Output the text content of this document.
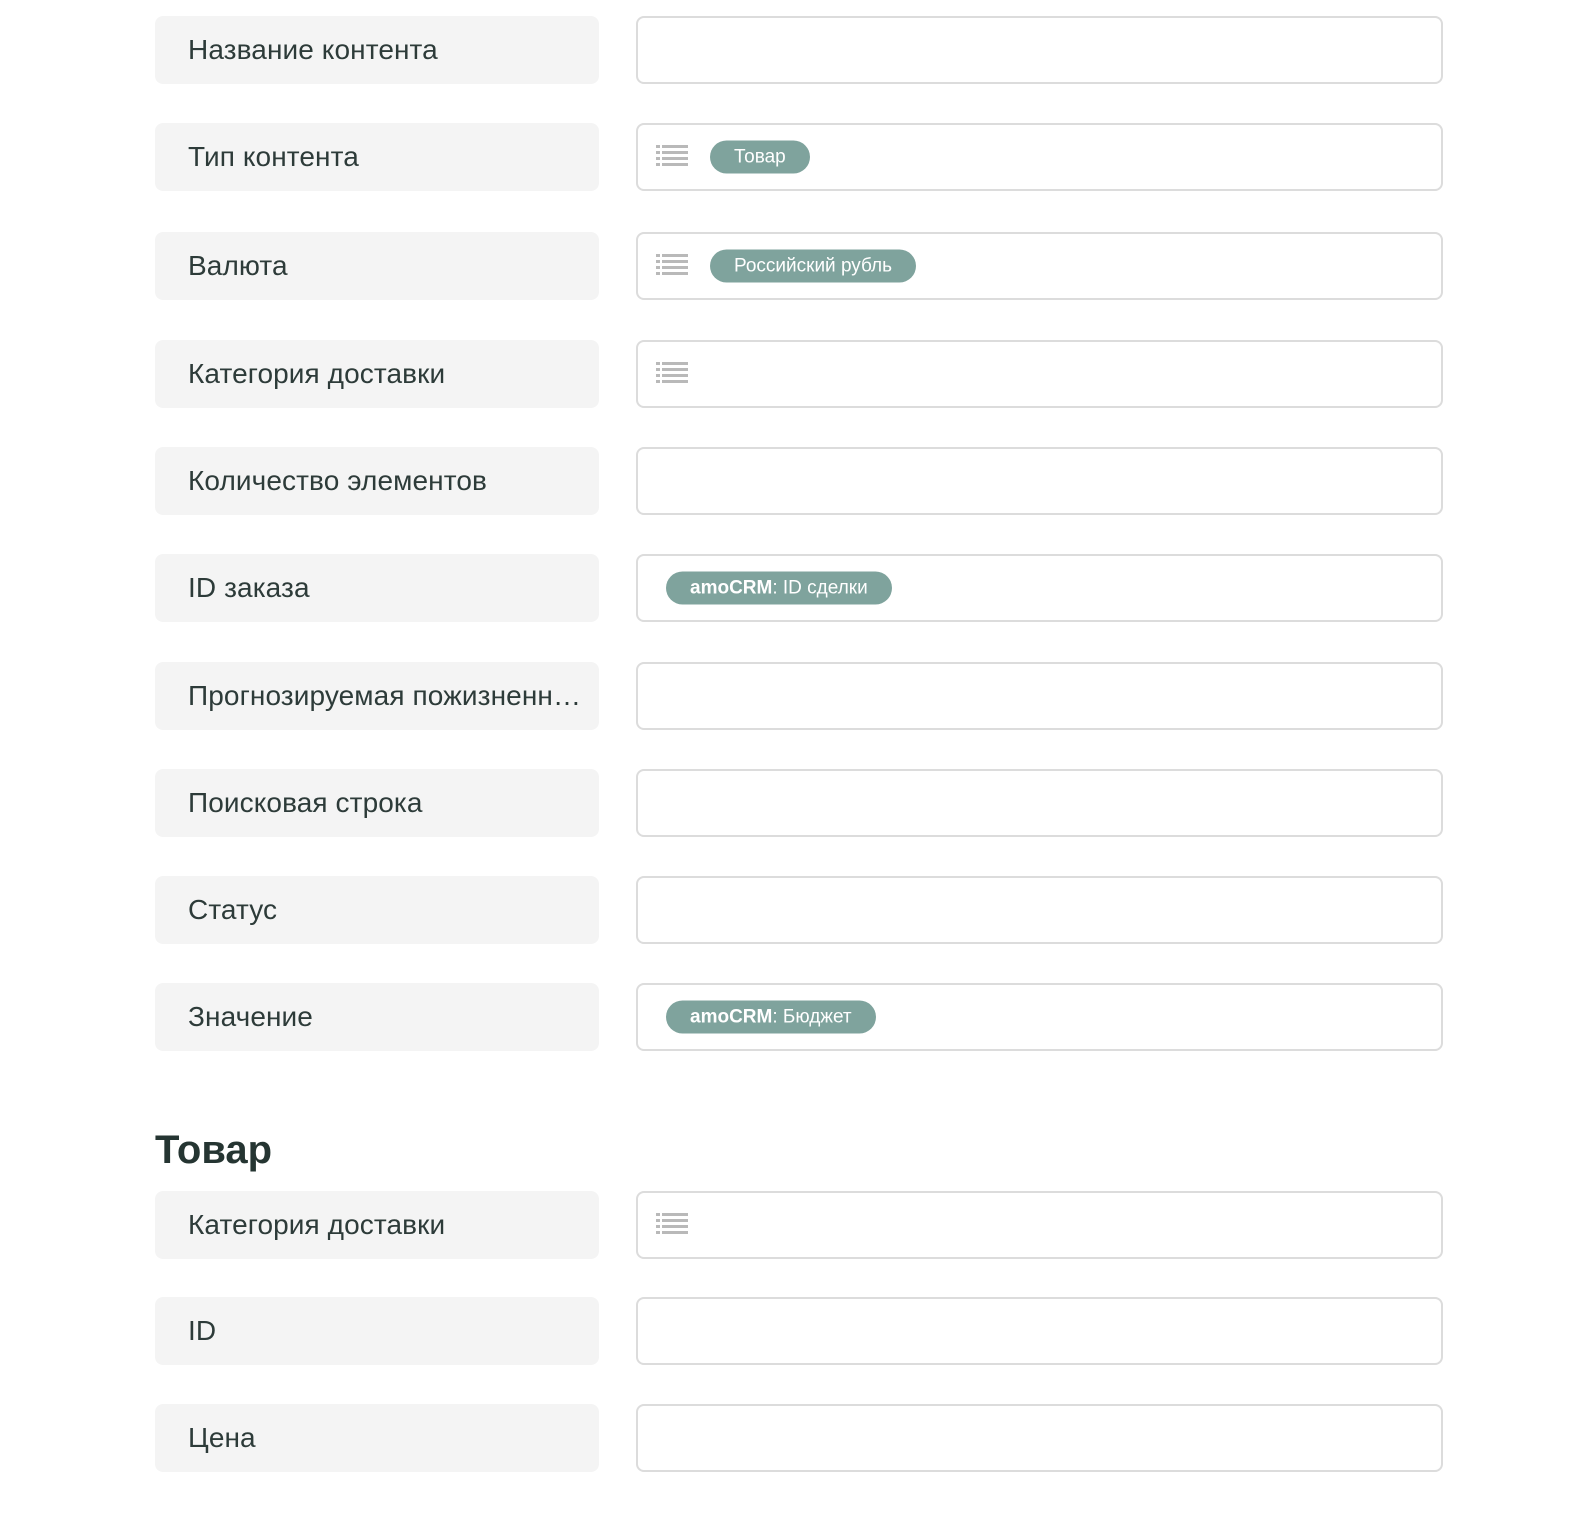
Название контента
Тип контента	Товар
Валюта	Российский рубль
Категория доставки
Количество элементов
ID заказа	amoCRM : ID сделки
Прогнозируемая пожизненна...
Поисковая строка
Статус
Значение	amoCRM : Бюджет
Товар
Категория доставки
ID
Цена
